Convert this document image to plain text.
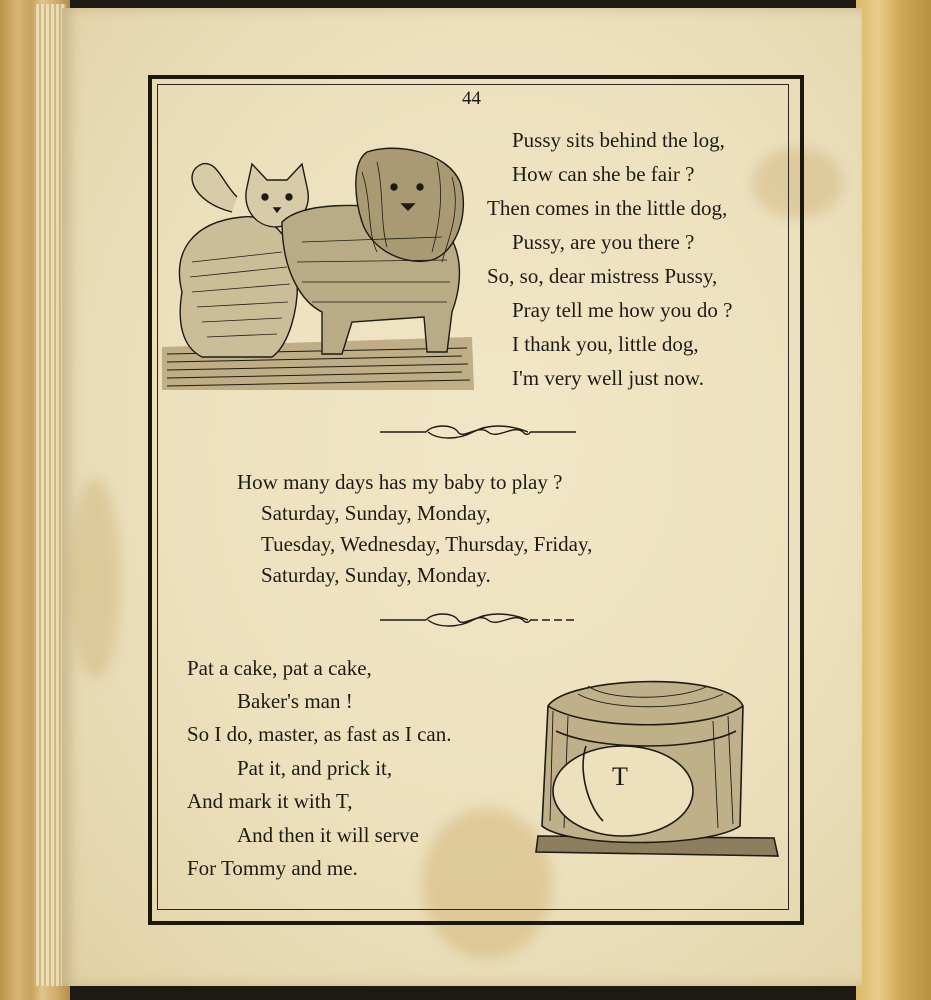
44
Pussy sits behind the log,
How can she be fair ?
Then comes in the little dog,
Pussy, are you there ?
So, so, dear mistress Pussy,
Pray tell me how you do ?
I thank you, little dog,
I'm very well just now.
How many days has my baby to play ?
Saturday, Sunday, Monday,
Tuesday, Wednesday, Thursday, Friday,
Saturday, Sunday, Monday.
Pat a cake, pat a cake,
Baker's man !
So I do, master, as fast as I can.
Pat it, and prick it,
And mark it with T,
And then it will serve
For Tommy and me.
T
